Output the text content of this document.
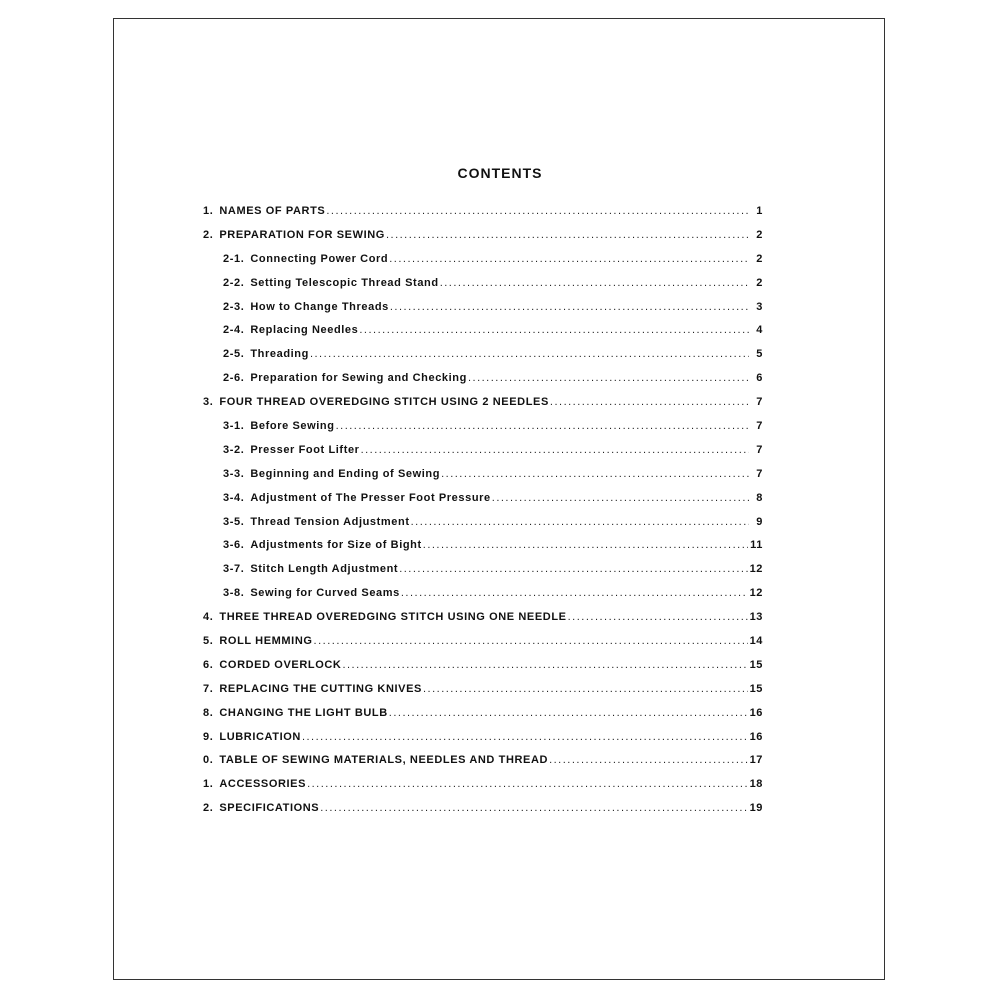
CONTENTS
1. NAMES OF PARTS .....	1
2. PREPARATION FOR SEWING .....	2
2-1. Connecting Power Cord .....	2
2-2. Setting Telescopic Thread Stand .....	2
2-3. How to Change Threads .....	3
2-4. Replacing Needles .....	4
2-5. Threading .....	5
2-6. Preparation for Sewing and Checking .....	6
3. FOUR THREAD OVEREDGING STITCH USING 2 NEEDLES .....	7
3-1. Before Sewing .....	7
3-2. Presser Foot Lifter .....	7
3-3. Beginning and Ending of Sewing .....	7
3-4. Adjustment of The Presser Foot Pressure .....	8
3-5. Thread Tension Adjustment .....	9
3-6. Adjustments for Size of Bight .....	11
3-7. Stitch Length Adjustment .....	12
3-8. Sewing for Curved Seams .....	12
4. THREE THREAD OVEREDGING STITCH USING ONE NEEDLE .....	13
5. ROLL HEMMING .....	14
6. CORDED OVERLOCK .....	15
7. REPLACING THE CUTTING KNIVES .....	15
8. CHANGING THE LIGHT BULB .....	16
9. LUBRICATION .....	16
0. TABLE OF SEWING MATERIALS, NEEDLES AND THREAD .....	17
1. ACCESSORIES .....	18
2. SPECIFICATIONS .....	19
